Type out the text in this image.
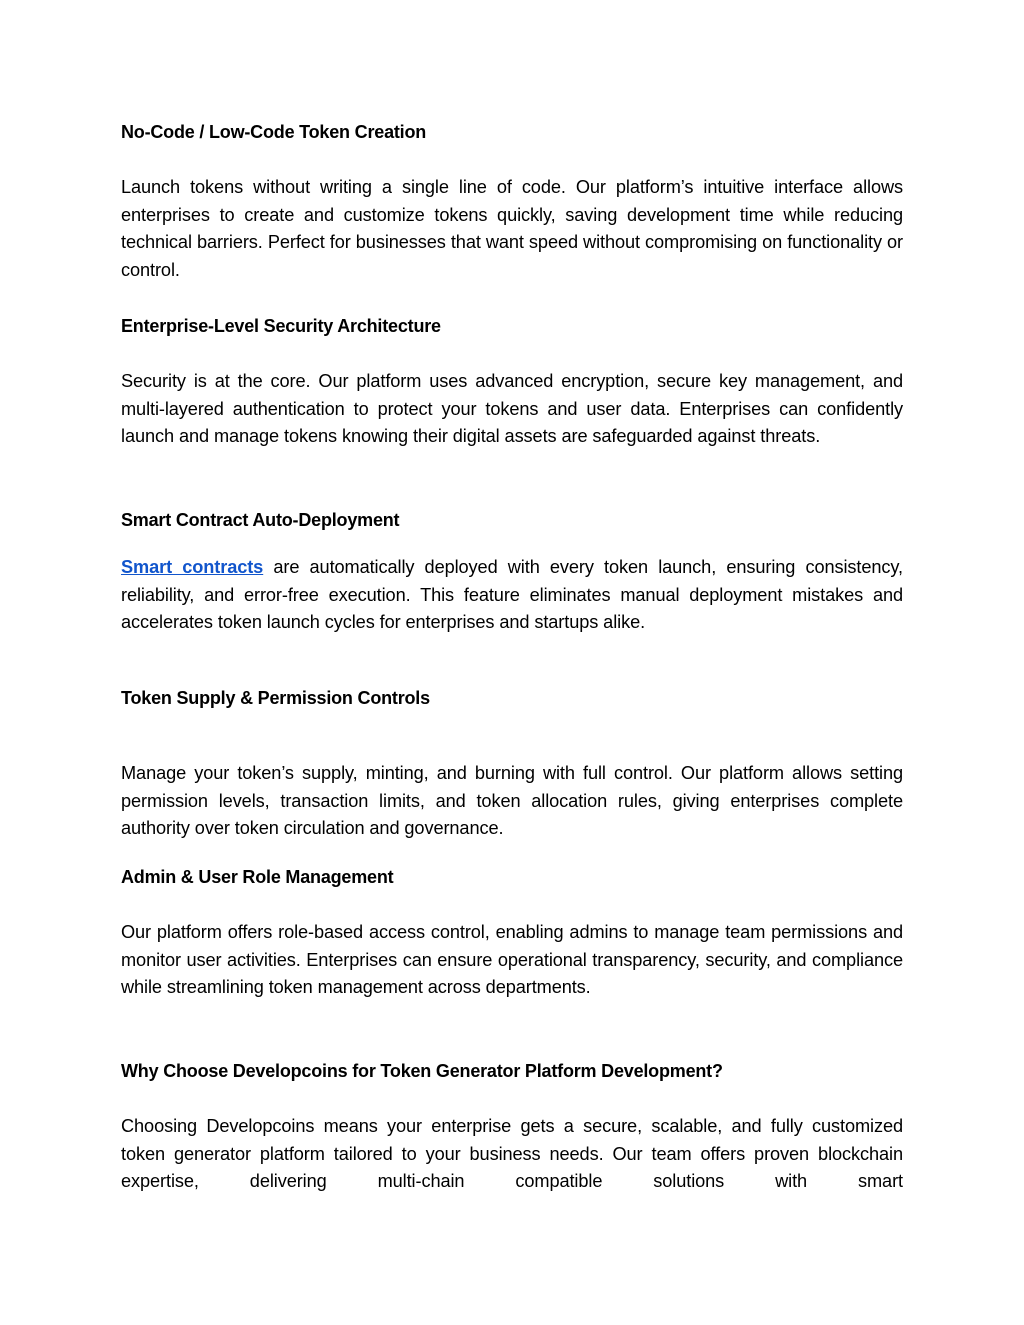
No-Code / Low-Code Token Creation

Launch tokens without writing a single line of code. Our platform’s intuitive interface allows enterprises to create and customize tokens quickly, saving development time while reducing technical barriers. Perfect for businesses that want speed without compromising on functionality or control.

Enterprise-Level Security Architecture

Security is at the core. Our platform uses advanced encryption, secure key management, and multi-layered authentication to protect your tokens and user data. Enterprises can confidently launch and manage tokens knowing their digital assets are safeguarded against threats.

Smart Contract Auto-Deployment

Smart contracts are automatically deployed with every token launch, ensuring consistency, reliability, and error-free execution. This feature eliminates manual deployment mistakes and accelerates token launch cycles for enterprises and startups alike.

Token Supply & Permission Controls

Manage your token’s supply, minting, and burning with full control. Our platform allows setting permission levels, transaction limits, and token allocation rules, giving enterprises complete authority over token circulation and governance.

Admin & User Role Management

Our platform offers role-based access control, enabling admins to manage team permissions and monitor user activities. Enterprises can ensure operational transparency, security, and compliance while streamlining token management across departments.

Why Choose Developcoins for Token Generator Platform Development?

Choosing Developcoins means your enterprise gets a secure, scalable, and fully customized token generator platform tailored to your business needs. Our team offers proven blockchain expertise, delivering multi-chain compatible solutions with smart
